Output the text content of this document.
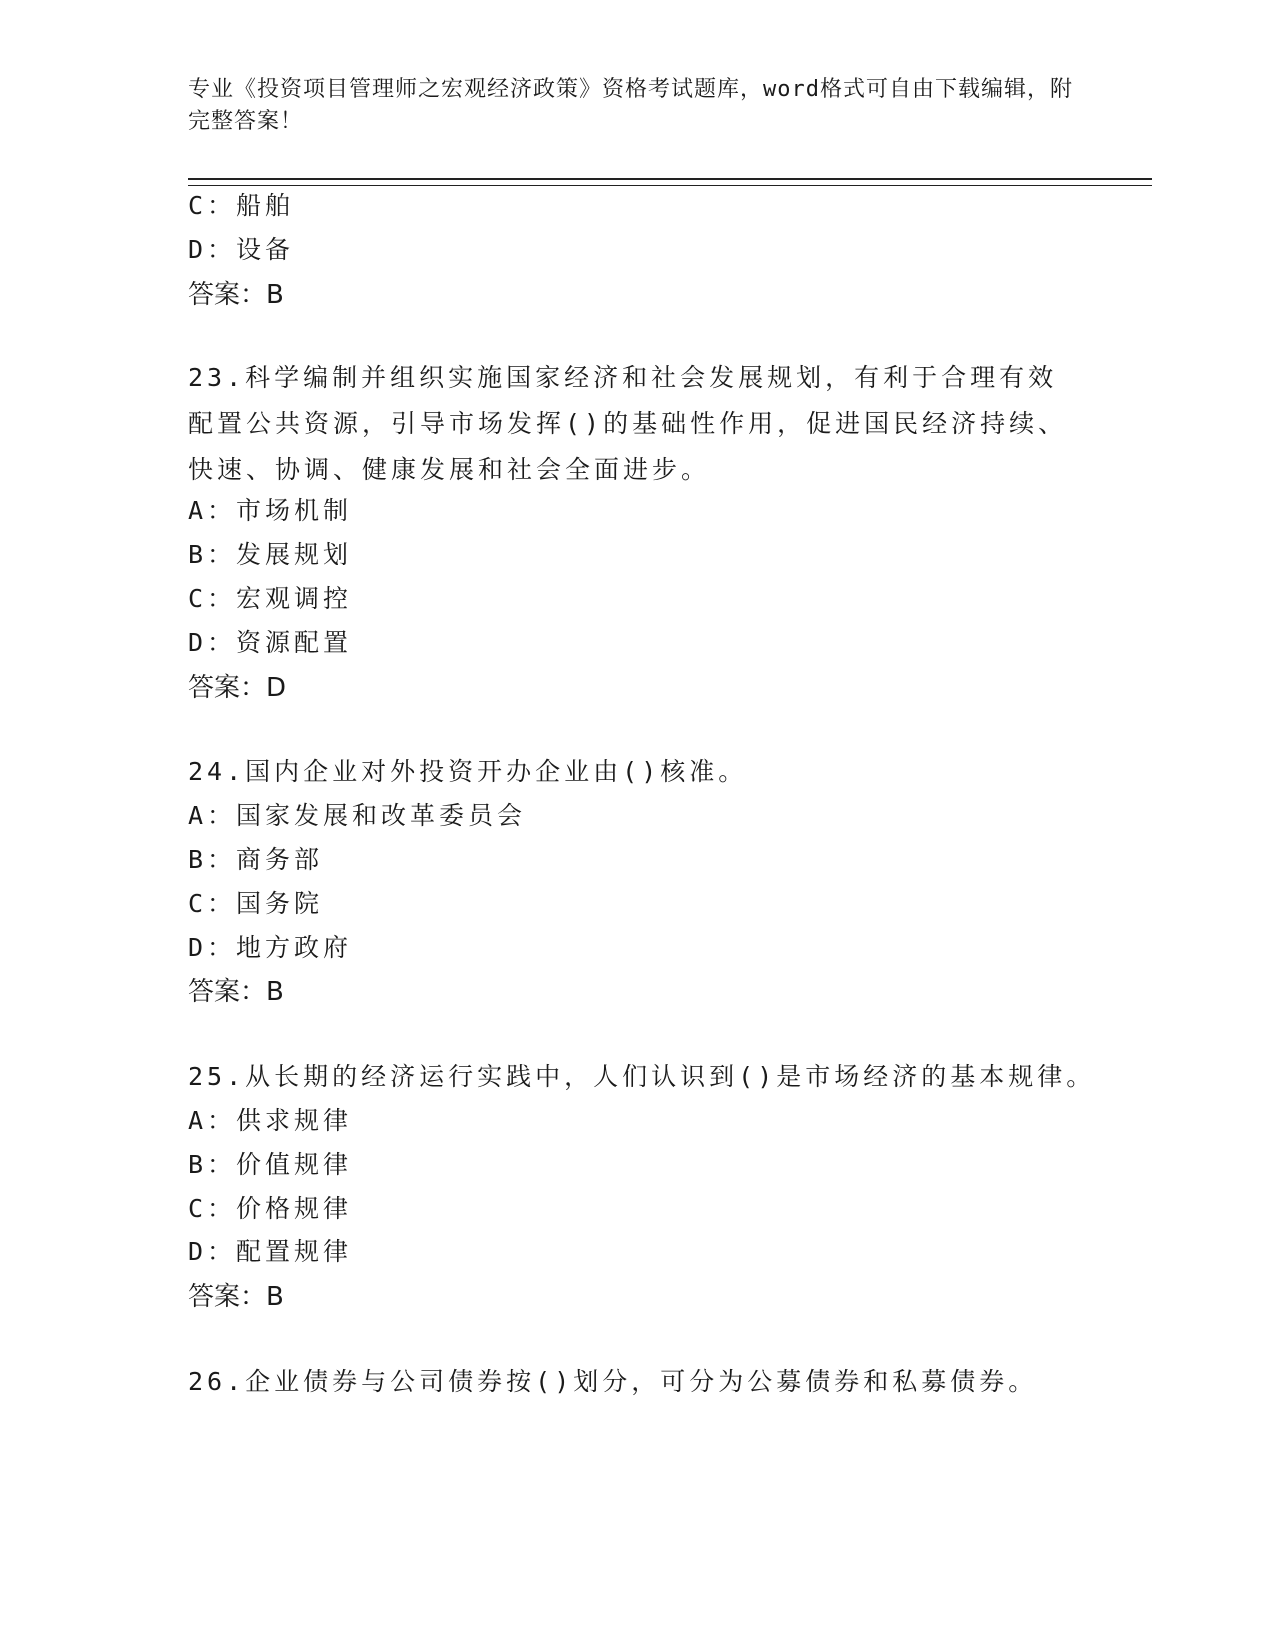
专业《投资项目管理师之宏观经济政策》资格考试题库，word格式可自由下载编辑，附完整答案！
C：船舶
D：设备
答案：B
23.科学编制并组织实施国家经济和社会发展规划，有利于合理有效配置公共资源，引导市场发挥()的基础性作用，促进国民经济持续、快速、协调、健康发展和社会全面进步。
A：市场机制
B：发展规划
C：宏观调控
D：资源配置
答案：D
24.国内企业对外投资开办企业由()核准。
A：国家发展和改革委员会
B：商务部
C：国务院
D：地方政府
答案：B
25.从长期的经济运行实践中，人们认识到()是市场经济的基本规律。
A：供求规律
B：价值规律
C：价格规律
D：配置规律
答案：B
26.企业债券与公司债券按()划分，可分为公募债券和私募债券。
